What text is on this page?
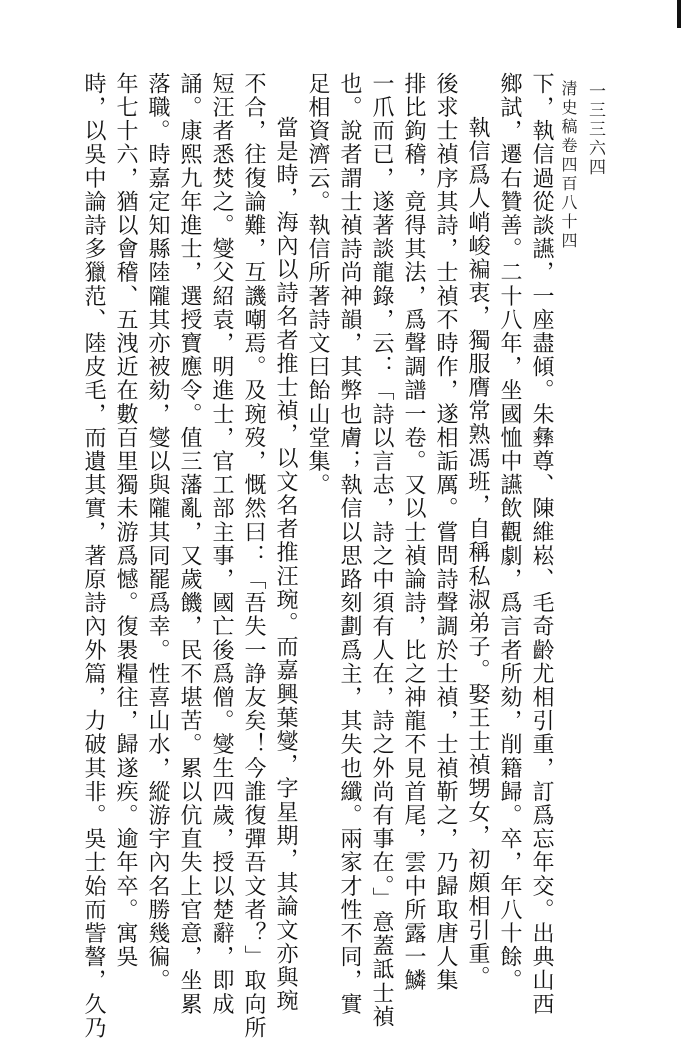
清史稿卷四百八十四 一三三六四
下，執信過從談讌，一座盡傾。朱彝尊、陳維崧、毛奇齡尤相引重，訂爲忘年交。出典山西
鄉試，遷右贊善。二十八年，坐國恤中讌飲觀劇，爲言者所劾，削籍歸。卒，年八十餘。
執信爲人峭峻褊衷，獨服膺常熟馮班，自稱私淑弟子。娶王士禎甥女，初頗相引重。
後求士禎序其詩，士禎不時作，遂相詬厲。嘗問詩聲調於士禎，士禎靳之，乃歸取唐人集
排比鉤稽，竟得其法，爲聲調譜一卷。又以士禎論詩，比之神龍不見首尾，雲中所露一鱗
一爪而已，遂著談龍錄，云：「詩以言志，詩之中須有人在，詩之外尚有事在。」意蓋詆士禎
也。說者謂士禎詩尚神韻，其弊也膚；執信以思路刻劃爲主，其失也纖。兩家才性不同，實
足相資濟云。執信所著詩文曰飴山堂集。
當是時，海內以詩名者推士禎，以文名者推汪琬。而嘉興葉燮，字星期，其論文亦與琬
不合，往復論難，互譏嘲焉。及琬歿，慨然曰：「吾失一諍友矣！今誰復彈吾文者？」取向所
短汪者悉焚之。燮父紹袁，明進士，官工部主事，國亡後爲僧。燮生四歲，授以楚辭，即成
誦。康熙九年進士，選授寶應令。值三藩亂，又歲饑，民不堪苦。累以伉直失上官意，坐累
落職。時嘉定知縣陸隴其亦被劾，燮以與隴其同罷爲幸。性喜山水，縱游宇內名勝幾徧。
年七十六，猶以會稽、五洩近在數百里獨未游爲憾。復褁糧往，歸遂疾。逾年卒。寓吳
時，以吳中論詩多獵范、陸皮毛，而遺其實，著原詩內外篇，力破其非。吳士始而訾謷，久乃
